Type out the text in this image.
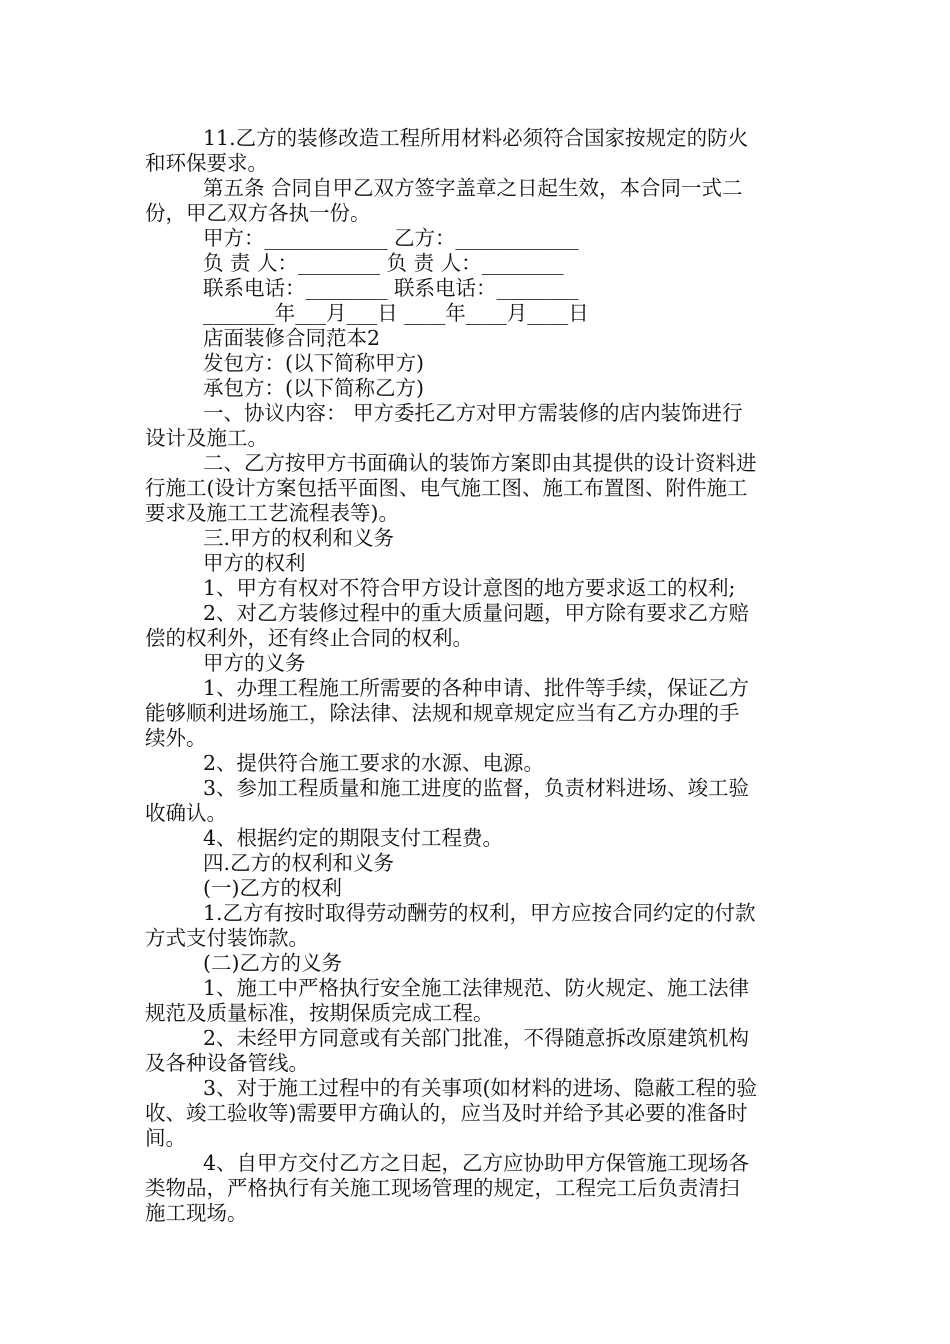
11.乙方的装修改造工程所用材料必须符合国家按规定的防火
和环保要求。
第五条 合同自甲乙双方签字盖章之日起生效，本合同一式二
份，甲乙双方各执一份。
甲方：____________ 乙方：____________
负 责 人：________ 负 责 人：________
联系电话：________ 联系电话：________
_______年___月___日 ____年____月____日
店面装修合同范本2
发包方：(以下简称甲方)
承包方：(以下简称乙方)
一、协议内容： 甲方委托乙方对甲方需装修的店内装饰进行
设计及施工。
二、乙方按甲方书面确认的装饰方案即由其提供的设计资料进
行施工(设计方案包括平面图、电气施工图、施工布置图、附件施工
要求及施工工艺流程表等)。
三.甲方的权利和义务
甲方的权利
1、甲方有权对不符合甲方设计意图的地方要求返工的权利;
2、对乙方装修过程中的重大质量问题，甲方除有要求乙方赔
偿的权利外，还有终止合同的权利。
甲方的义务
1、办理工程施工所需要的各种申请、批件等手续，保证乙方
能够顺利进场施工，除法律、法规和规章规定应当有乙方办理的手
续外。
2、提供符合施工要求的水源、电源。
3、参加工程质量和施工进度的监督，负责材料进场、竣工验
收确认。
4、根据约定的期限支付工程费。
四.乙方的权利和义务
(一)乙方的权利
1.乙方有按时取得劳动酬劳的权利，甲方应按合同约定的付款
方式支付装饰款。
(二)乙方的义务
1、施工中严格执行安全施工法律规范、防火规定、施工法律
规范及质量标准，按期保质完成工程。
2、未经甲方同意或有关部门批准，不得随意拆改原建筑机构
及各种设备管线。
3、对于施工过程中的有关事项(如材料的进场、隐蔽工程的验
收、竣工验收等)需要甲方确认的，应当及时并给予其必要的准备时
间。
4、自甲方交付乙方之日起，乙方应协助甲方保管施工现场各
类物品，严格执行有关施工现场管理的规定，工程完工后负责清扫
施工现场。
